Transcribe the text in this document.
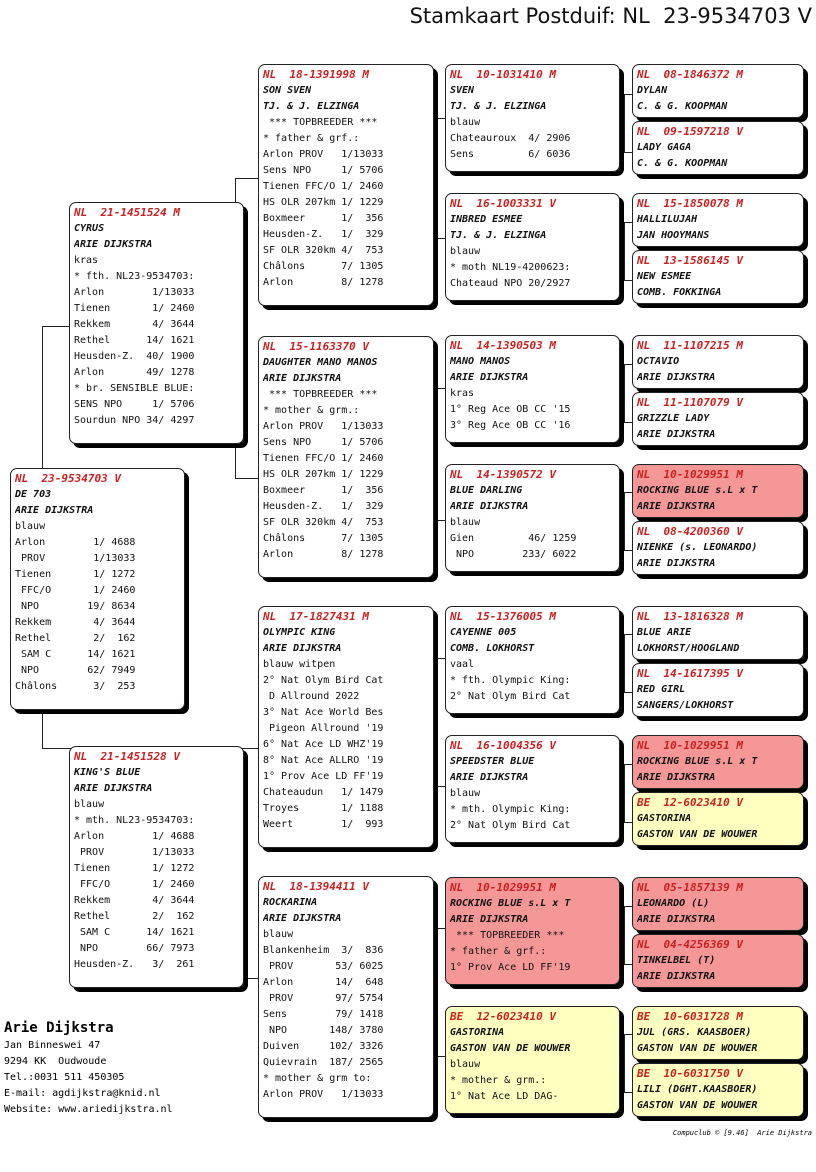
Stamkaart Postduif: NL  23-9534703 V
NL  23-9534703 V
DE 703
ARIE DIJKSTRA
blauw
Arlon        1/ 4688
PROV        1/13033
Tienen       1/ 1272
FFC/O       1/ 2460
NPO        19/ 8634
Rekkem       4/ 3644
Rethel       2/  162
SAM C      14/ 1621
NPO        62/ 7949
Châlons      3/  253
NL  21-1451524 M
CYRUS
ARIE DIJKSTRA
kras
* fth. NL23-9534703:
Arlon        1/13033
Tienen       1/ 2460
Rekkem       4/ 3644
Rethel      14/ 1621
Heusden-Z.  40/ 1900
Arlon       49/ 1278
* br. SENSIBLE BLUE:
SENS NPO     1/ 5706
Sourdun NPO 34/ 4297
NL  21-1451528 V
KING'S BLUE
ARIE DIJKSTRA
blauw
* mth. NL23-9534703:
Arlon        1/ 4688
PROV        1/13033
Tienen       1/ 1272
FFC/O       1/ 2460
Rekkem       4/ 3644
Rethel       2/  162
SAM C      14/ 1621
NPO        66/ 7973
Heusden-Z.   3/  261
NL  18-1391998 M
SON SVEN
TJ. & J. ELZINGA
*** TOPBREEDER ***
* father & grf.:
Arlon PROV   1/13033
Sens NPO     1/ 5706
Tienen FFC/O 1/ 2460
HS OLR 207km 1/ 1229
Boxmeer      1/  356
Heusden-Z.   1/  329
SF OLR 320km 4/  753
Châlons      7/ 1305
Arlon        8/ 1278
NL  15-1163370 V
DAUGHTER MANO MANOS
ARIE DIJKSTRA
*** TOPBREEDER ***
* mother & grm.:
Arlon PROV   1/13033
Sens NPO     1/ 5706
Tienen FFC/O 1/ 2460
HS OLR 207km 1/ 1229
Boxmeer      1/  356
Heusden-Z.   1/  329
SF OLR 320km 4/  753
Châlons      7/ 1305
Arlon        8/ 1278
NL  17-1827431 M
OLYMPIC KING
ARIE DIJKSTRA
blauw witpen
2° Nat Olym Bird Cat
D Allround 2022
3° Nat Ace World Bes
Pigeon Allround '19
6° Nat Ace LD WHZ'19
8° Nat Ace ALLRO '19
1° Prov Ace LD FF'19
Chateaudun   1/ 1479
Troyes       1/ 1188
Weert        1/  993
NL  18-1394411 V
ROCKARINA
ARIE DIJKSTRA
blauw
Blankenheim  3/  836
PROV       53/ 6025
Arlon       14/  648
PROV       97/ 5754
Sens        79/ 1418
NPO       148/ 3780
Duiven     102/ 3326
Quievrain  187/ 2565
* mother & grm to:
Arlon PROV   1/13033
NL  10-1031410 M
SVEN
TJ. & J. ELZINGA
blauw
Chateauroux  4/ 2906
Sens         6/ 6036
NL  16-1003331 V
INBRED ESMEE
TJ. & J. ELZINGA
blauw
* moth NL19-4200623:
Chateaud NPO 20/2927
NL  14-1390503 M
MANO MANOS
ARIE DIJKSTRA
kras
1° Reg Ace OB CC '15
3° Reg Ace OB CC '16
NL  14-1390572 V
BLUE DARLING
ARIE DIJKSTRA
blauw
Gien         46/ 1259
NPO        233/ 6022
NL  15-1376005 M
CAYENNE 005
COMB. LOKHORST
vaal
* fth. Olympic King:
2° Nat Olym Bird Cat
NL  16-1004356 V
SPEEDSTER BLUE
ARIE DIJKSTRA
blauw
* mth. Olympic King:
2° Nat Olym Bird Cat
NL  10-1029951 M
ROCKING BLUE s.L x T
ARIE DIJKSTRA
*** TOPBREEDER ***
* father & grf.:
1° Prov Ace LD FF'19
BE  12-6023410 V
GASTORINA
GASTON VAN DE WOUWER
blauw
* mother & grm.:
1° Nat Ace LD DAG-
NL  08-1846372 M
DYLAN
C. & G. KOOPMAN
NL  09-1597218 V
LADY GAGA
C. & G. KOOPMAN
NL  15-1850078 M
HALLILUJAH
JAN HOOYMANS
NL  13-1586145 V
NEW ESMEE
COMB. FOKKINGA
NL  11-1107215 M
OCTAVIO
ARIE DIJKSTRA
NL  11-1107079 V
GRIZZLE LADY
ARIE DIJKSTRA
NL  10-1029951 M
ROCKING BLUE s.L x T
ARIE DIJKSTRA
NL  08-4200360 V
NIENKE (s. LEONARDO)
ARIE DIJKSTRA
NL  13-1816328 M
BLUE ARIE
LOKHORST/HOOGLAND
NL  14-1617395 V
RED GIRL
SANGERS/LOKHORST
NL  10-1029951 M
ROCKING BLUE s.L x T
ARIE DIJKSTRA
BE  12-6023410 V
GASTORINA
GASTON VAN DE WOUWER
NL  05-1857139 M
LEONARDO (L)
ARIE DIJKSTRA
NL  04-4256369 V
TINKELBEL (T)
ARIE DIJKSTRA
BE  10-6031728 M
JUL (GRS. KAASBOER)
GASTON VAN DE WOUWER
BE  10-6031750 V
LILI (DGHT.KAASBOER)
GASTON VAN DE WOUWER
Arie Dijkstra
Jan Binneswei 47
9294 KK  Oudwoude
Tel.:0031 511 450305
E-mail: agdijkstra@knid.nl
Website: www.ariedijkstra.nl
Compuclub © [9.46]  Arie Dijkstra
